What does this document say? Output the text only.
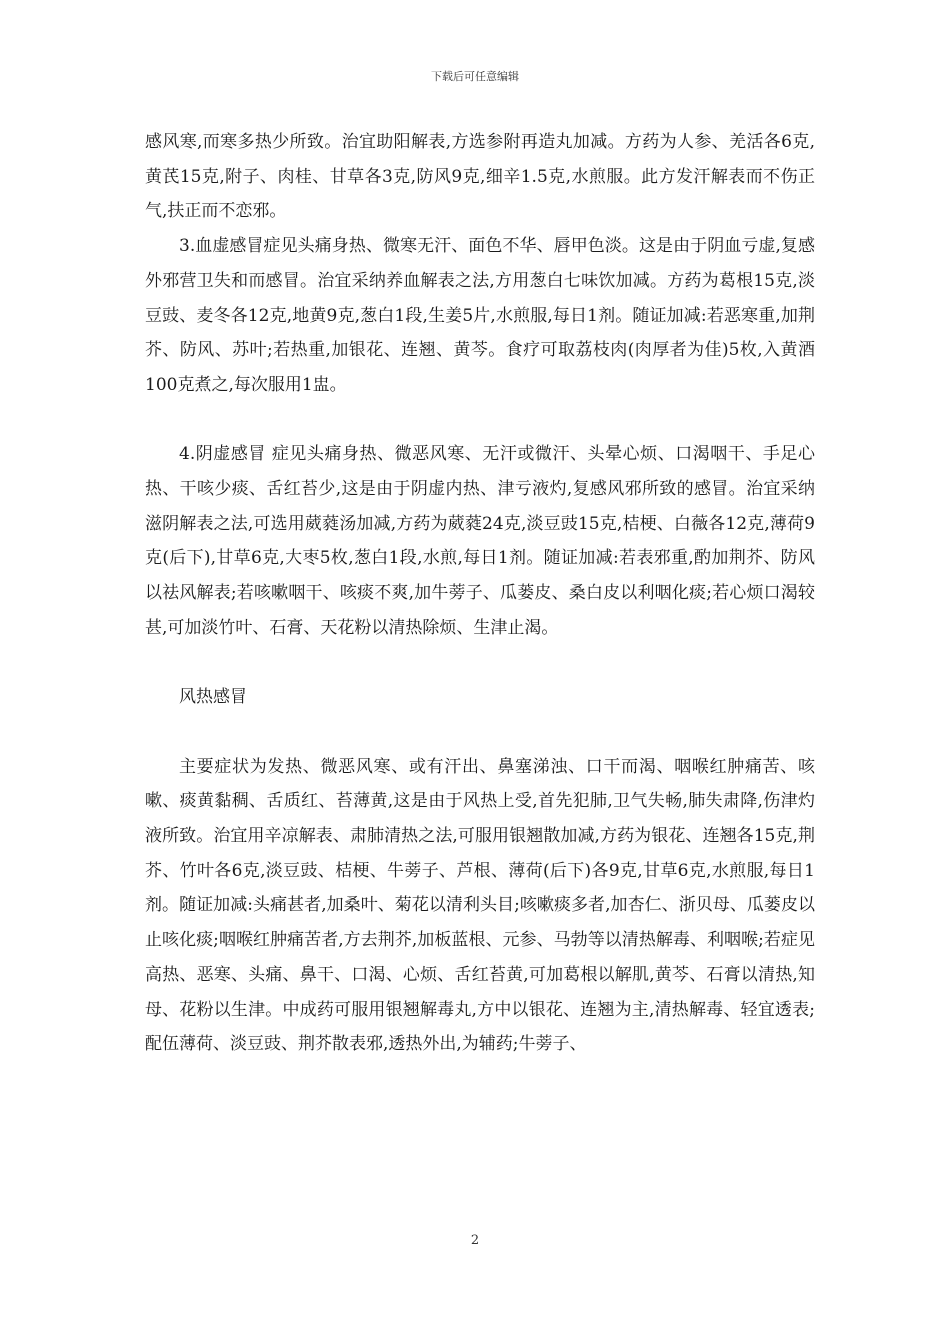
下载后可任意编辑

感风寒,而寒多热少所致。治宜助阳解表,方选参附再造丸加减。方药为人参、羌活各6克,黄芪15克,附子、肉桂、甘草各3克,防风9克,细辛1.5克,水煎服。此方发汗解表而不伤正气,扶正而不恋邪。

3.血虚感冒症见头痛身热、微寒无汗、面色不华、唇甲色淡。这是由于阴血亏虚,复感外邪营卫失和而感冒。治宜采纳养血解表之法,方用葱白七味饮加减。方药为葛根15克,淡豆豉、麦冬各12克,地黄9克,葱白1段,生姜5片,水煎服,每日1剂。随证加减:若恶寒重,加荆芥、防风、苏叶;若热重,加银花、连翘、黄芩。食疗可取荔枝肉(肉厚者为佳)5枚,入黄酒100克煮之,每次服用1盅。

4.阴虚感冒 症见头痛身热、微恶风寒、无汗或微汗、头晕心烦、口渴咽干、手足心热、干咳少痰、舌红苔少,这是由于阴虚内热、津亏液灼,复感风邪所致的感冒。治宜采纳滋阴解表之法,可选用葳蕤汤加减,方药为葳蕤24克,淡豆豉15克,桔梗、白薇各12克,薄荷9克(后下),甘草6克,大枣5枚,葱白1段,水煎,每日1剂。随证加减:若表邪重,酌加荆芥、防风以祛风解表;若咳嗽咽干、咳痰不爽,加牛蒡子、瓜蒌皮、桑白皮以利咽化痰;若心烦口渴较甚,可加淡竹叶、石膏、天花粉以清热除烦、生津止渴。

风热感冒

主要症状为发热、微恶风寒、或有汗出、鼻塞涕浊、口干而渴、咽喉红肿痛苦、咳嗽、痰黄黏稠、舌质红、苔薄黄,这是由于风热上受,首先犯肺,卫气失畅,肺失肃降,伤津灼液所致。治宜用辛凉解表、肃肺清热之法,可服用银翘散加减,方药为银花、连翘各15克,荆芥、竹叶各6克,淡豆豉、桔梗、牛蒡子、芦根、薄荷(后下)各9克,甘草6克,水煎服,每日1剂。随证加减:头痛甚者,加桑叶、菊花以清利头目;咳嗽痰多者,加杏仁、浙贝母、瓜蒌皮以止咳化痰;咽喉红肿痛苦者,方去荆芥,加板蓝根、元参、马勃等以清热解毒、利咽喉;若症见高热、恶寒、头痛、鼻干、口渴、心烦、舌红苔黄,可加葛根以解肌,黄芩、石膏以清热,知母、花粉以生津。中成药可服用银翘解毒丸,方中以银花、连翘为主,清热解毒、轻宜透表;配伍薄荷、淡豆豉、荆芥散表邪,透热外出,为辅药;牛蒡子、

2
